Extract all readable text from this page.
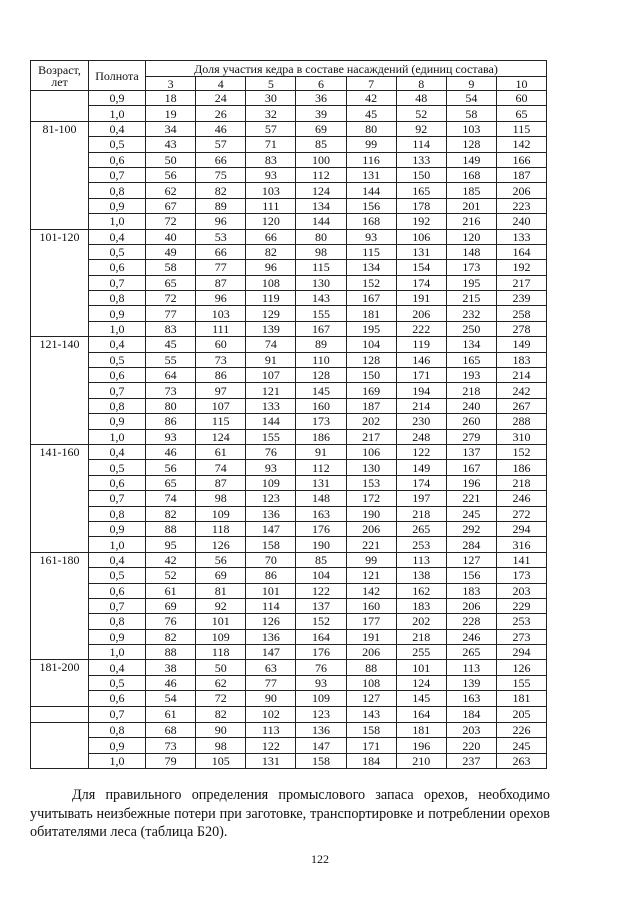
Возраст, лет	Полнота	Доля участия кедра в составе насаждений (единиц состава)							
		3	4	5	6	7	8	9	10
	0,9	18	24	30	36	42	48	54	60
	1,0	19	26	32	39	45	52	58	65
81-100	0,4	34	46	57	69	80	92	103	115
	0,5	43	57	71	85	99	114	128	142
	0,6	50	66	83	100	116	133	149	166
	0,7	56	75	93	112	131	150	168	187
	0,8	62	82	103	124	144	165	185	206
	0,9	67	89	111	134	156	178	201	223
	1,0	72	96	120	144	168	192	216	240
101-120	0,4	40	53	66	80	93	106	120	133
	0,5	49	66	82	98	115	131	148	164
	0,6	58	77	96	115	134	154	173	192
	0,7	65	87	108	130	152	174	195	217
	0,8	72	96	119	143	167	191	215	239
	0,9	77	103	129	155	181	206	232	258
	1,0	83	111	139	167	195	222	250	278
121-140	0,4	45	60	74	89	104	119	134	149
	0,5	55	73	91	110	128	146	165	183
	0,6	64	86	107	128	150	171	193	214
	0,7	73	97	121	145	169	194	218	242
	0,8	80	107	133	160	187	214	240	267
	0,9	86	115	144	173	202	230	260	288
	1,0	93	124	155	186	217	248	279	310
141-160	0,4	46	61	76	91	106	122	137	152
	0,5	56	74	93	112	130	149	167	186
	0,6	65	87	109	131	153	174	196	218
	0,7	74	98	123	148	172	197	221	246
	0,8	82	109	136	163	190	218	245	272
	0,9	88	118	147	176	206	265	292	294
	1,0	95	126	158	190	221	253	284	316
161-180	0,4	42	56	70	85	99	113	127	141
	0,5	52	69	86	104	121	138	156	173
	0,6	61	81	101	122	142	162	183	203
	0,7	69	92	114	137	160	183	206	229
	0,8	76	101	126	152	177	202	228	253
	0,9	82	109	136	164	191	218	246	273
	1,0	88	118	147	176	206	255	265	294
181-200	0,4	38	50	63	76	88	101	113	126
	0,5	46	62	77	93	108	124	139	155
	0,6	54	72	90	109	127	145	163	181
	0,7	61	82	102	123	143	164	184	205
	0,8	68	90	113	136	158	181	203	226
	0,9	73	98	122	147	171	196	220	245
	1,0	79	105	131	158	184	210	237	263

Для правильного определения промыслового запаса орехов, необходимо учитывать неизбежные потери при заготовке, транспортировке и потреблении орехов обитателями леса (таблица Б20).

122
